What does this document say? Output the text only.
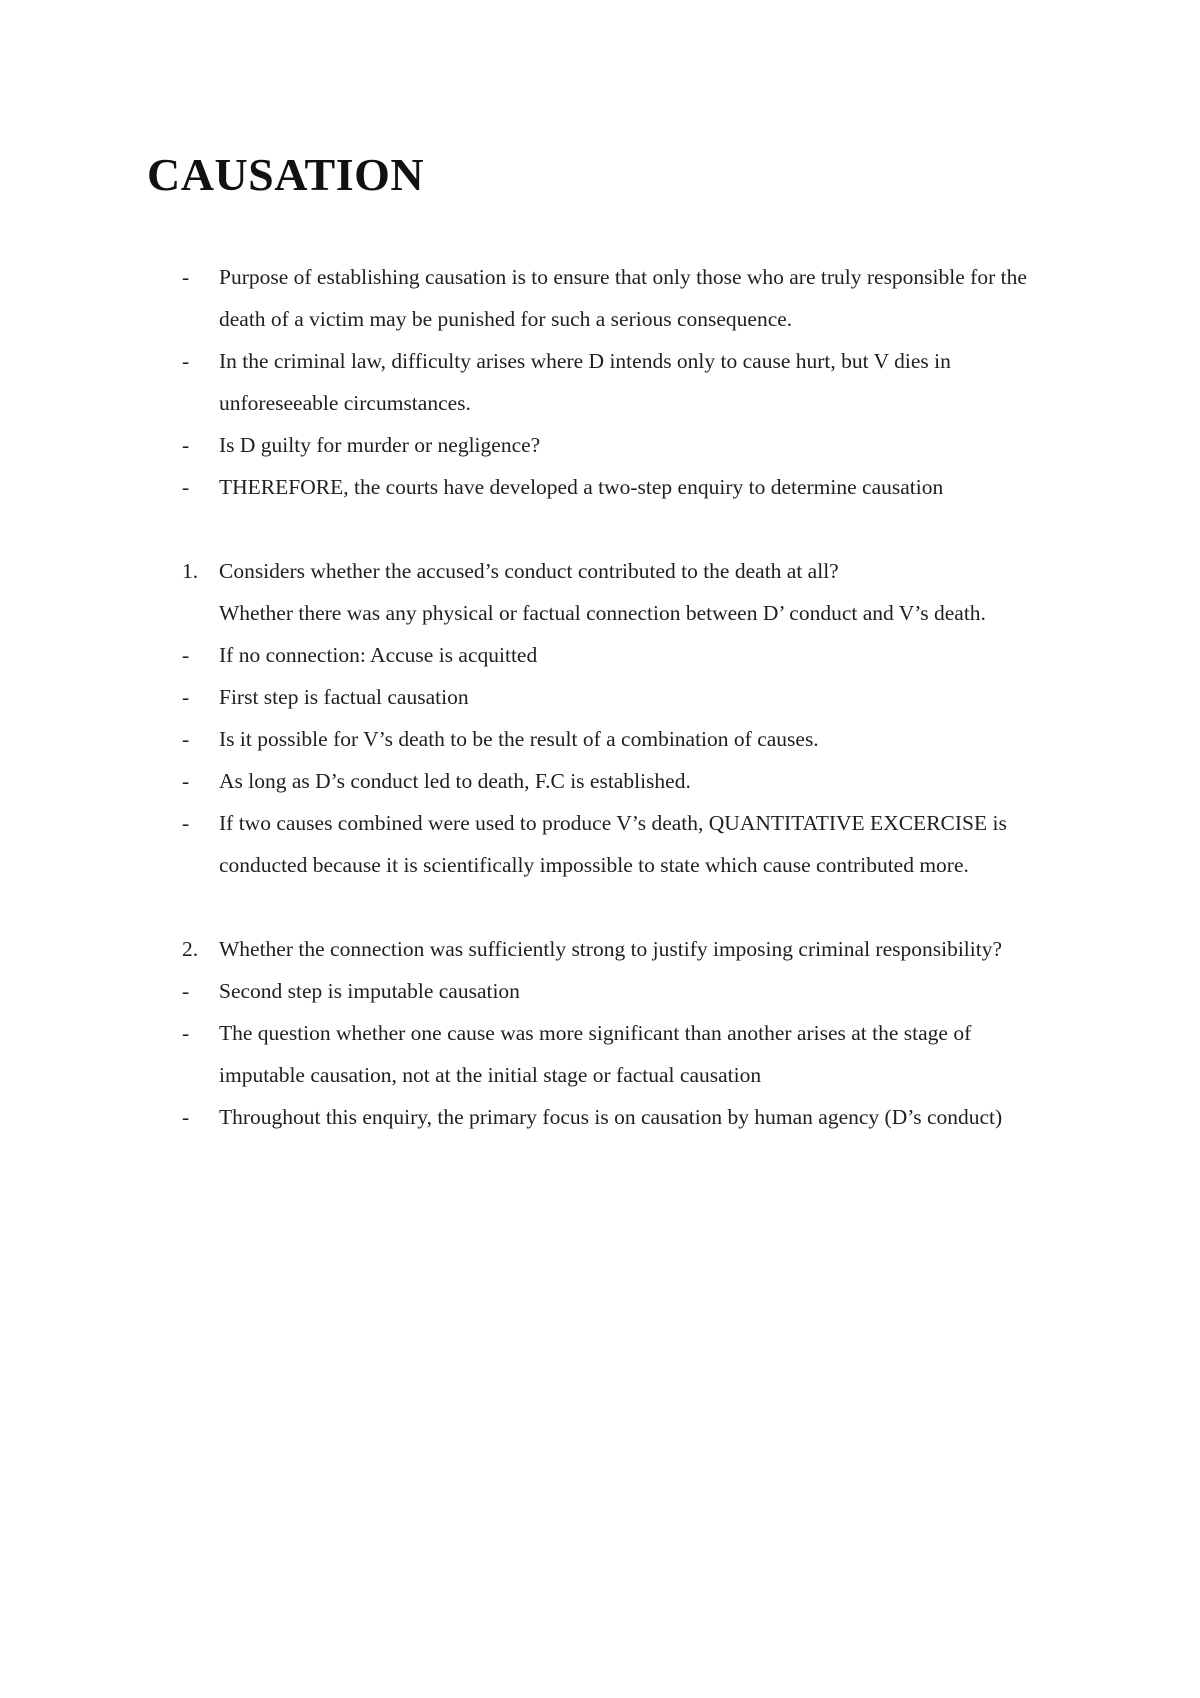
CAUSATION
- Purpose of establishing causation is to ensure that only those who are truly responsible for the death of a victim may be punished for such a serious consequence.
- In the criminal law, difficulty arises where D intends only to cause hurt, but V dies in unforeseeable circumstances.
- Is D guilty for murder or negligence?
- THEREFORE, the courts have developed a two-step enquiry to determine causation
1. Considers whether the accused’s conduct contributed to the death at all?
Whether there was any physical or factual connection between D’ conduct and V’s death.
- If no connection: Accuse is acquitted
- First step is factual causation
- Is it possible for V’s death to be the result of a combination of causes.
- As long as D’s conduct led to death, F.C is established.
- If two causes combined were used to produce V’s death, QUANTITATIVE EXCERCISE is conducted because it is scientifically impossible to state which cause contributed more.
2. Whether the connection was sufficiently strong to justify imposing criminal responsibility?
- Second step is imputable causation
- The question whether one cause was more significant than another arises at the stage of imputable causation, not at the initial stage or factual causation
- Throughout this enquiry, the primary focus is on causation by human agency (D’s conduct)
